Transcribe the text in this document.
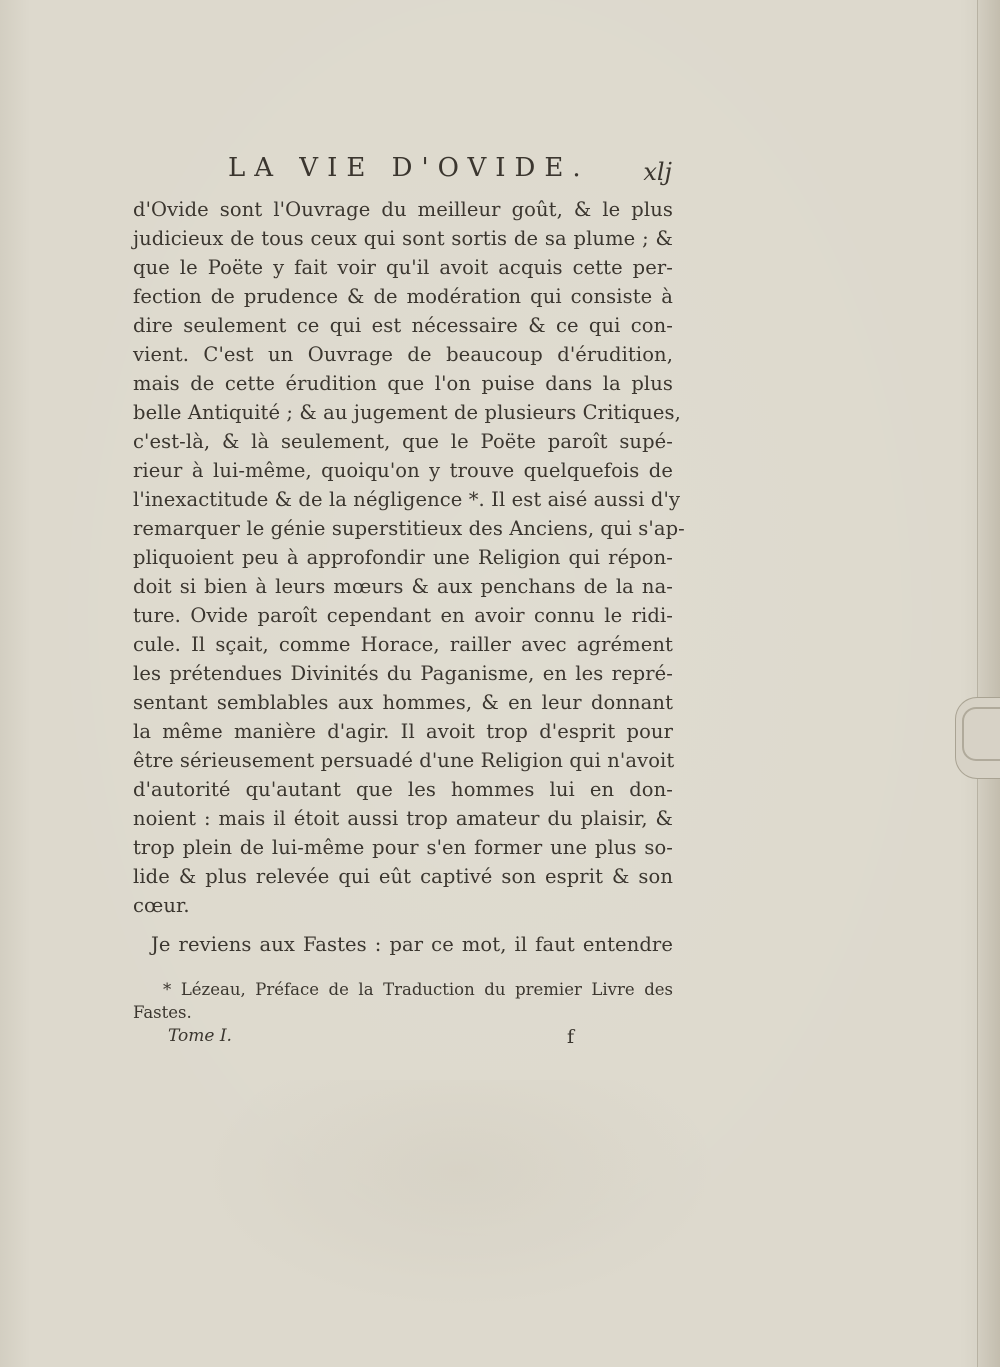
LA VIE D'OVIDE.	xlj
d'Ovide sont l'Ouvrage du meilleur goût, & le plus
judicieux de tous ceux qui sont sortis de sa plume ; &
que le Poëte y fait voir qu'il avoit acquis cette per-
fection de prudence & de modération qui consiste à
dire seulement ce qui est nécessaire & ce qui con-
vient. C'est un Ouvrage de beaucoup d'érudition,
mais de cette érudition que l'on puise dans la plus
belle Antiquité ; & au jugement de plusieurs Critiques,
c'est-là, & là seulement, que le Poëte paroît supé-
rieur à lui-même, quoiqu'on y trouve quelquefois de
l'inexactitude & de la négligence *. Il est aisé aussi d'y
remarquer le génie superstitieux des Anciens, qui s'ap-
pliquoient peu à approfondir une Religion qui répon-
doit si bien à leurs mœurs & aux penchans de la na-
ture. Ovide paroît cependant en avoir connu le ridi-
cule. Il sçait, comme Horace, railler avec agrément
les prétendues Divinités du Paganisme, en les repré-
sentant semblables aux hommes, & en leur donnant
la même manière d'agir. Il avoit trop d'esprit pour
être sérieusement persuadé d'une Religion qui n'avoit
d'autorité qu'autant que les hommes lui en don-
noient : mais il étoit aussi trop amateur du plaisir, &
trop plein de lui-même pour s'en former une plus so-
lide & plus relevée qui eût captivé son esprit & son
cœur.
Je reviens aux Fastes : par ce mot, il faut entendre
* Lézeau, Préface de la Traduction du premier Livre des
Fastes.
Tome I.	f
